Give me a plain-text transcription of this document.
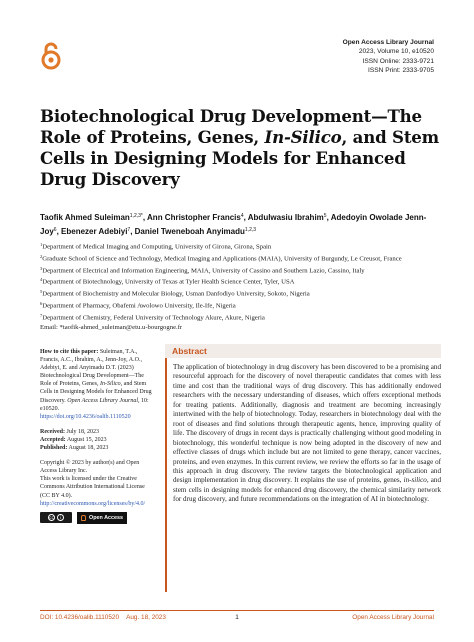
Open Access Library Journal
2023, Volume 10, e10520
ISSN Online: 2333-9721
ISSN Print: 2333-9705
Biotechnological Drug Development—The Role of Proteins, Genes, In-Silico, and Stem Cells in Designing Models for Enhanced Drug Discovery
Taofik Ahmed Suleiman$^{1,2,3*}$, Ann Christopher Francis$^4$, Abdulwasiu Ibrahim$^5$, Adedoyin Owolade Jenn-Joy$^6$, Ebenezer Adebiyi$^7$, Daniel Tweneboah Anyimadu$^{1,2,3}$
$^1$Department of Medical Imaging and Computing, University of Girona, Girona, Spain
$^2$Graduate School of Science and Technology, Medical Imaging and Applications (MAIA), University of Burgundy, Le Creusot, France
$^3$Department of Electrical and Information Engineering, MAIA, University of Cassino and Southern Lazio, Cassino, Italy
$^4$Department of Biotechnology, University of Texas at Tyler Health Science Center, Tyler, USA
$^5$Department of Biochemistry and Molecular Biology, Usman Danfodiyo University, Sokoto, Nigeria
$^6$Department of Pharmacy, Obafemi Awolowo University, Ile-Ife, Nigeria
$^7$Department of Chemistry, Federal University of Technology Akure, Akure, Nigeria
Email: *taofik-ahmed_suleiman@etu.u-bourgogne.fr

How to cite this paper: Suleiman, T.A., Francis, A.C., Ibrahim, A., Jenn-Joy, A.O., Adebiyi, E. and Anyimadu D.T. (2023) Biotechnological Drug Development—The Role of Proteins, Genes, In-Silico, and Stem Cells in Designing Models for Enhanced Drug Discovery. Open Access Library Journal, 10: e10520.
https://doi.org/10.4236/oalib.1110520

Received: July 18, 2023

Accepted: August 15, 2023

Published: August 18, 2023

Copyright © 2023 by author(s) and Open Access Library Inc.

This work is licensed under the Creative Commons Attribution International License (CC BY 4.0).

http://creativecommons.org/licenses/by/4.0/

cc	i	Open Access
Abstract
The application of biotechnology in drug discovery has been discovered to be a promising and resourceful approach for the discovery of novel therapeutic candidates that comes with less time and cost than the traditional ways of drug discovery. This has additionally endowed researchers with the necessary understanding of diseases, which offers exceptional methods for treating patients. Additionally, diagnosis and treatment are becoming increasingly intertwined with the help of biotechnology. Today, researchers in biotechnology deal with the root of diseases and find solutions through therapeutic agents, hence, improving quality of life. The discovery of drugs in recent days is practically challenging without good modeling in biotechnology, this wonderful technique is now being adopted in the discovery of new and effective classes of drugs which include but are not limited to gene therapy, cancer vaccines, proteins, and even enzymes. In this current review, we review the efforts so far in the usage of this approach in drug discovery. The review targets the biotechnological application and design implementation in drug discovery. It explains the use of proteins, genes, in-silico, and stem cells in designing models for enhanced drug discovery, the chemical similarity network for drug discovery, and future recommendations on the integration of AI in biotechnology.
DOI: 10.4236/oalib.1110520 Aug. 18, 2023	1	Open Access Library Journal
